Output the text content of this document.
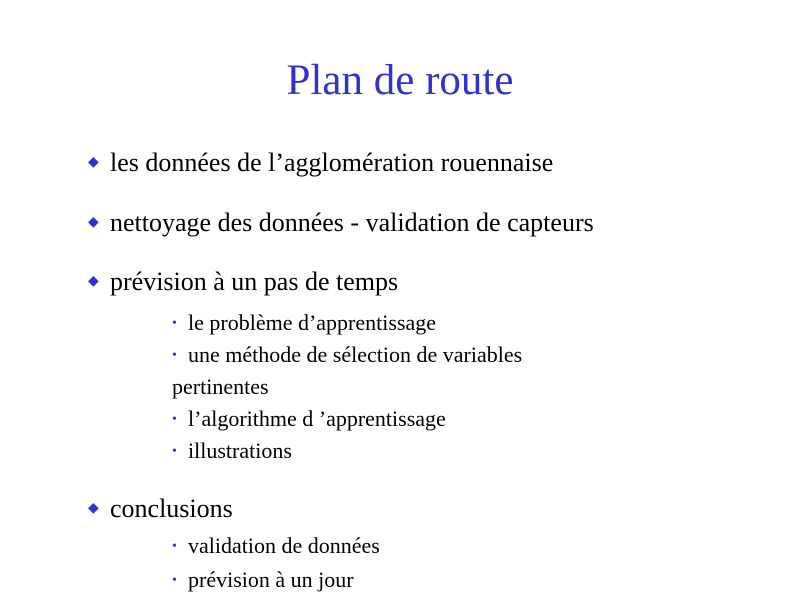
Plan de route
◆ les données de l’agglomération rouennaise
◆ nettoyage des données - validation de capteurs
◆ prévision à un pas de temps
• le problème d’apprentissage
• une méthode de sélection de variables
pertinentes
• l’algorithme d ’apprentissage
• illustrations
◆ conclusions
• validation de données
• prévision à un jour
